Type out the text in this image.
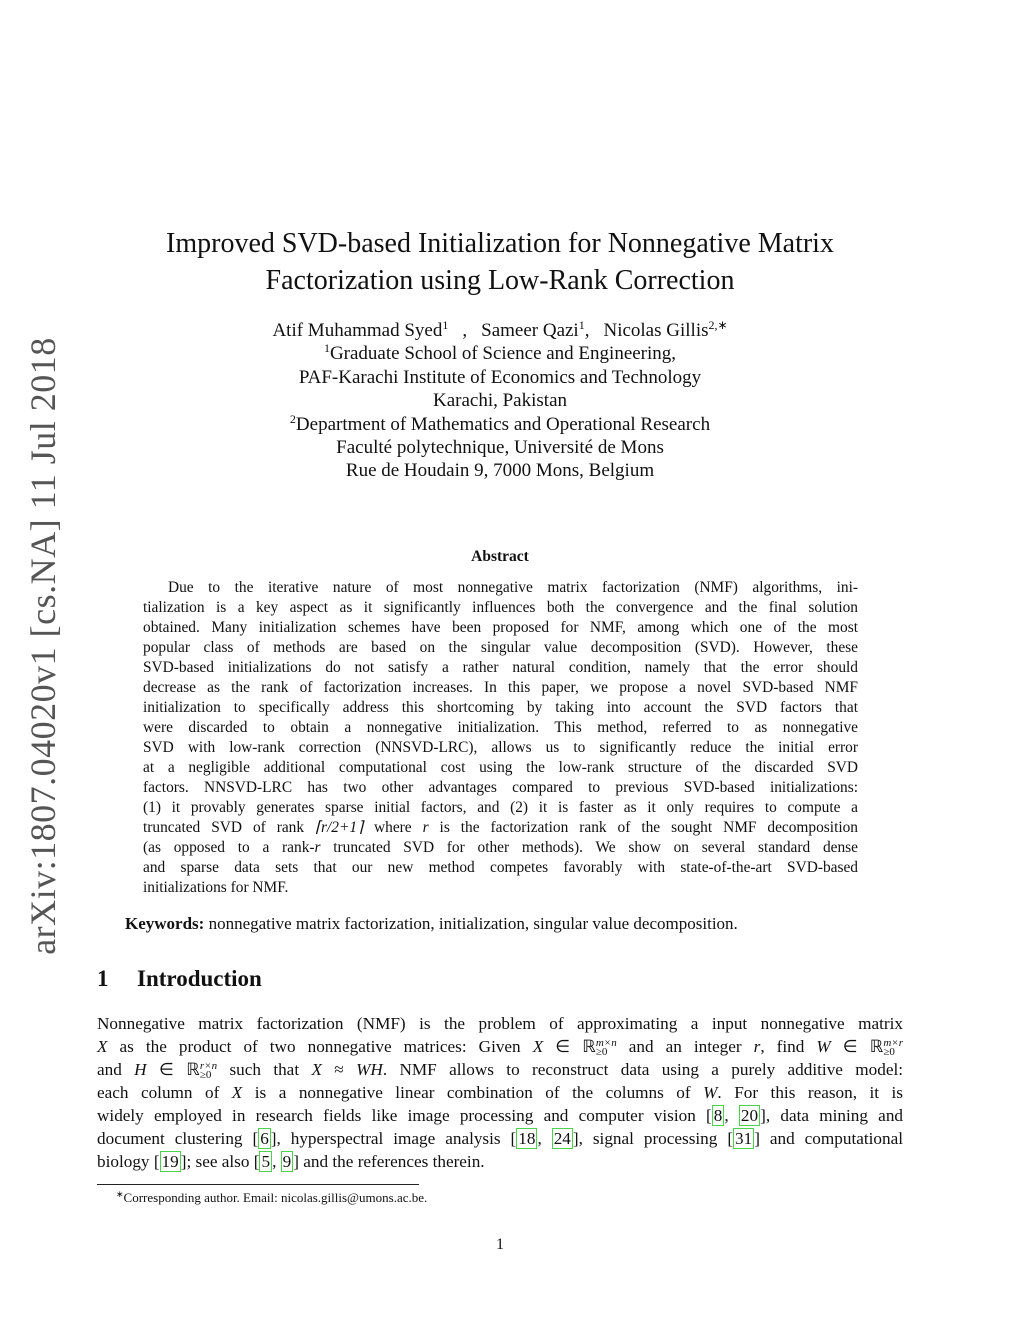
arXiv:1807.04020v1 [cs.NA] 11 Jul 2018
Improved SVD-based Initialization for Nonnegative Matrix
Factorization using Low-Rank Correction
Atif Muhammad Syed$^1$ , Sameer Qazi$^1$, Nicolas Gillis$^{2,∗}$
$^1$Graduate School of Science and Engineering,
PAF-Karachi Institute of Economics and Technology
Karachi, Pakistan
$^2$Department of Mathematics and Operational Research
Faculté polytechnique, Université de Mons
Rue de Houdain 9, 7000 Mons, Belgium
Abstract
Due to the iterative nature of most nonnegative matrix factorization (NMF) algorithms, ini-
tialization is a key aspect as it significantly influences both the convergence and the final solution
obtained. Many initialization schemes have been proposed for NMF, among which one of the most
popular class of methods are based on the singular value decomposition (SVD). However, these
SVD-based initializations do not satisfy a rather natural condition, namely that the error should
decrease as the rank of factorization increases. In this paper, we propose a novel SVD-based NMF
initialization to specifically address this shortcoming by taking into account the SVD factors that
were discarded to obtain a nonnegative initialization. This method, referred to as nonnegative
SVD with low-rank correction (NNSVD-LRC), allows us to significantly reduce the initial error
at a negligible additional computational cost using the low-rank structure of the discarded SVD
factors. NNSVD-LRC has two other advantages compared to previous SVD-based initializations:
(1) it provably generates sparse initial factors, and (2) it is faster as it only requires to compute a
truncated SVD of rank ⌈r/2+1⌉ where r is the factorization rank of the sought NMF decomposition
(as opposed to a rank-r truncated SVD for other methods). We show on several standard dense
and sparse data sets that our new method competes favorably with state-of-the-art SVD-based
initializations for NMF.
Keywords: nonnegative matrix factorization, initialization, singular value decomposition.
1 Introduction
Nonnegative matrix factorization (NMF) is the problem of approximating a input nonnegative matrix
X as the product of two nonnegative matrices: Given X ∈ ℝ m×n
≥0 and an integer r, find W ∈ ℝ m×r
≥0
and H ∈ ℝ r×n
≥0 such that X ≈ WH. NMF allows to reconstruct data using a purely additive model:
each column of X is a nonnegative linear combination of the columns of W. For this reason, it is
widely employed in research fields like image processing and computer vision [ 8 , 20 ], data mining and
document clustering [ 6 ], hyperspectral image analysis [ 18 , 24 ], signal processing [ 31 ] and computational
biology [ 19 ]; see also [ 5 , 9 ] and the references therein.
∗Corresponding author. Email: nicolas.gillis@umons.ac.be.
1
